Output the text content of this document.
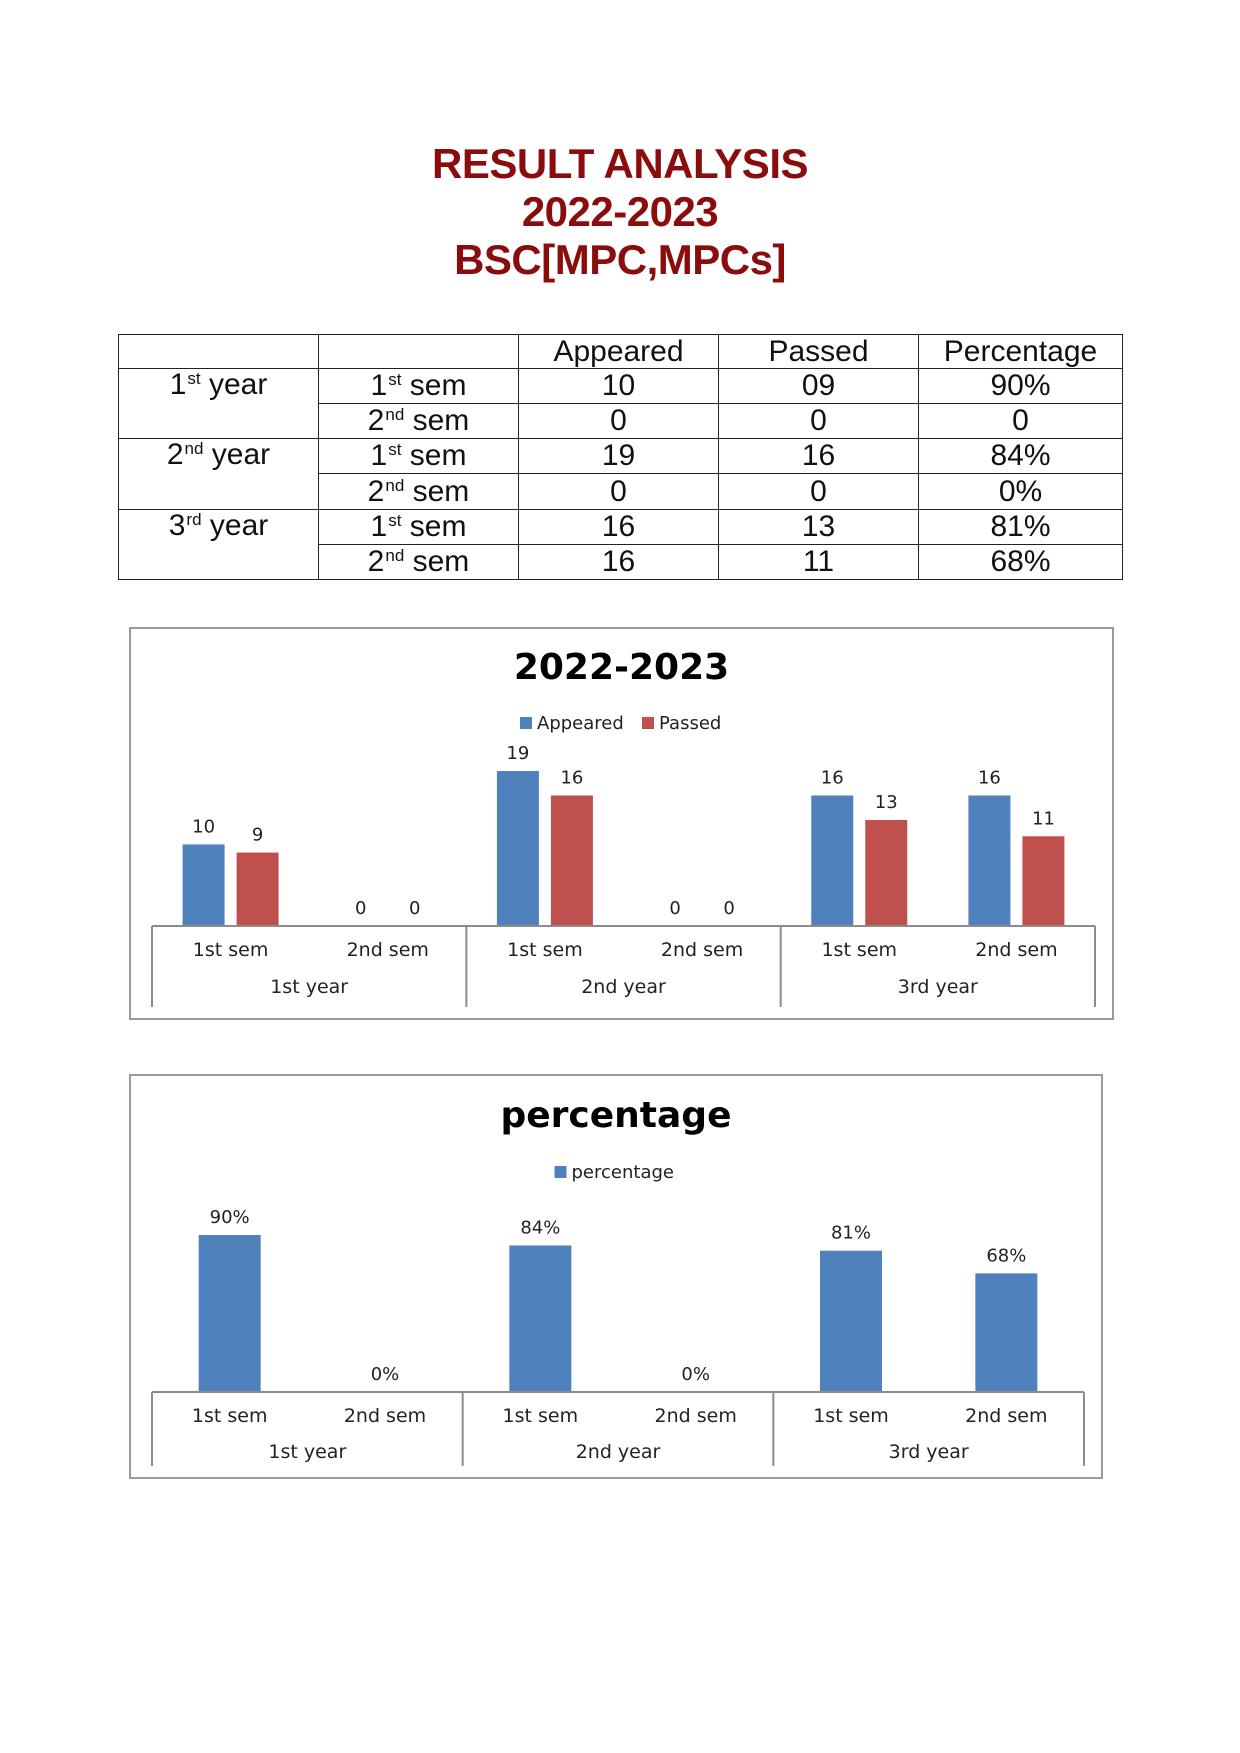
RESULT ANALYSIS
2022-2023
BSC[MPC,MPCs]
		Appeared	Passed	Percentage
1st year	1st sem	10	09	90%
	2nd sem	0	0	0
2nd year	1st sem	19	16	84%
	2nd sem	0	0	0%
3rd year	1st sem	16	13	81%
	2nd sem	16	11	68%
2022-2023
Appeared Passed
10
0
19
0
16	16
9
0
16
0
13
11
1st sem	2nd sem	1st sem	2nd sem	1st sem	2nd sem
1st year	2nd year	3rd year
percentage
percentage
90%
0%
84%
0%
81%
68%
1st sem	2nd sem	1st sem	2nd sem	1st sem	2nd sem
1st year	2nd year	3rd year
